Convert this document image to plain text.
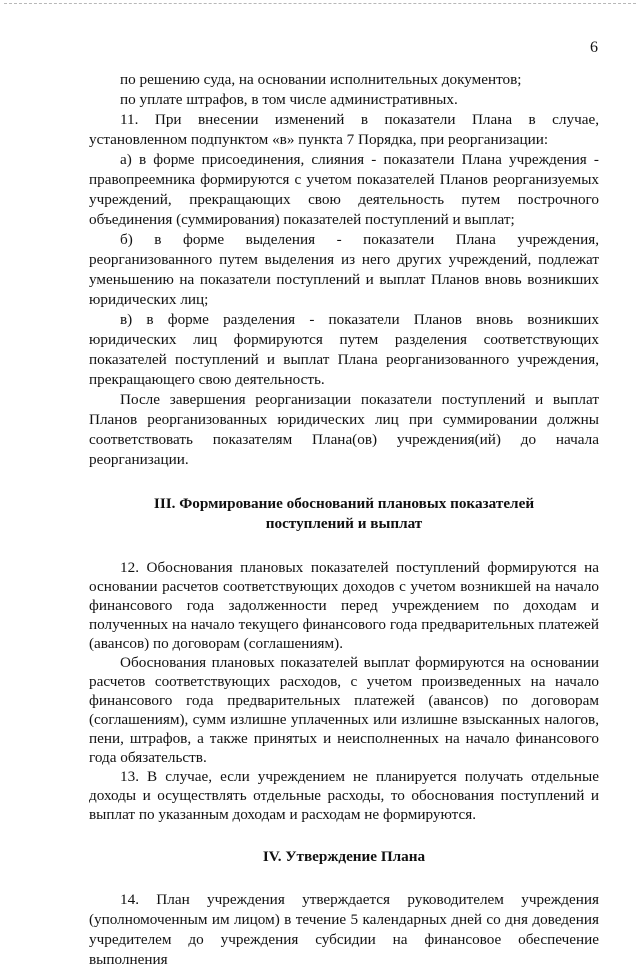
6

по решению суда, на основании исполнительных документов;

по уплате штрафов, в том числе административных.

11. При внесении изменений в показатели Плана в случае, установленном подпунктом «в» пункта 7 Порядка, при реорганизации:

а) в форме присоединения, слияния - показатели Плана учреждения - правопреемника формируются с учетом показателей Планов реорганизуемых учреждений, прекращающих свою деятельность путем построчного объединения (суммирования) показателей поступлений и выплат;

б) в форме выделения - показатели Плана учреждения, реорганизованного путем выделения из него других учреждений, подлежат уменьшению на показатели поступлений и выплат Планов вновь возникших юридических лиц;

в) в форме разделения - показатели Планов вновь возникших юридических лиц формируются путем разделения соответствующих показателей поступлений и выплат Плана реорганизованного учреждения, прекращающего свою деятельность.

После завершения реорганизации показатели поступлений и выплат Планов реорганизованных юридических лиц при суммировании должны соответствовать показателям Плана(ов) учреждения(ий) до начала реорганизации.

III. Формирование обоснований плановых показателей
поступлений и выплат

12. Обоснования плановых показателей поступлений формируются на основании расчетов соответствующих доходов с учетом возникшей на начало финансового года задолженности перед учреждением по доходам и полученных на начало текущего финансового года предварительных платежей (авансов) по договорам (соглашениям).

Обоснования плановых показателей выплат формируются на основании расчетов соответствующих расходов, с учетом произведенных на начало финансового года предварительных платежей (авансов) по договорам (соглашениям), сумм излишне уплаченных или излишне взысканных налогов, пени, штрафов, а также принятых и неисполненных на начало финансового года обязательств.

13. В случае, если учреждением не планируется получать отдельные доходы и осуществлять отдельные расходы, то обоснования поступлений и выплат по указанным доходам и расходам не формируются.

IV. Утверждение Плана

14. План учреждения утверждается руководителем учреждения (уполномоченным им лицом) в течение 5 календарных дней со дня доведения учредителем до учреждения субсидии на финансовое обеспечение выполнения
